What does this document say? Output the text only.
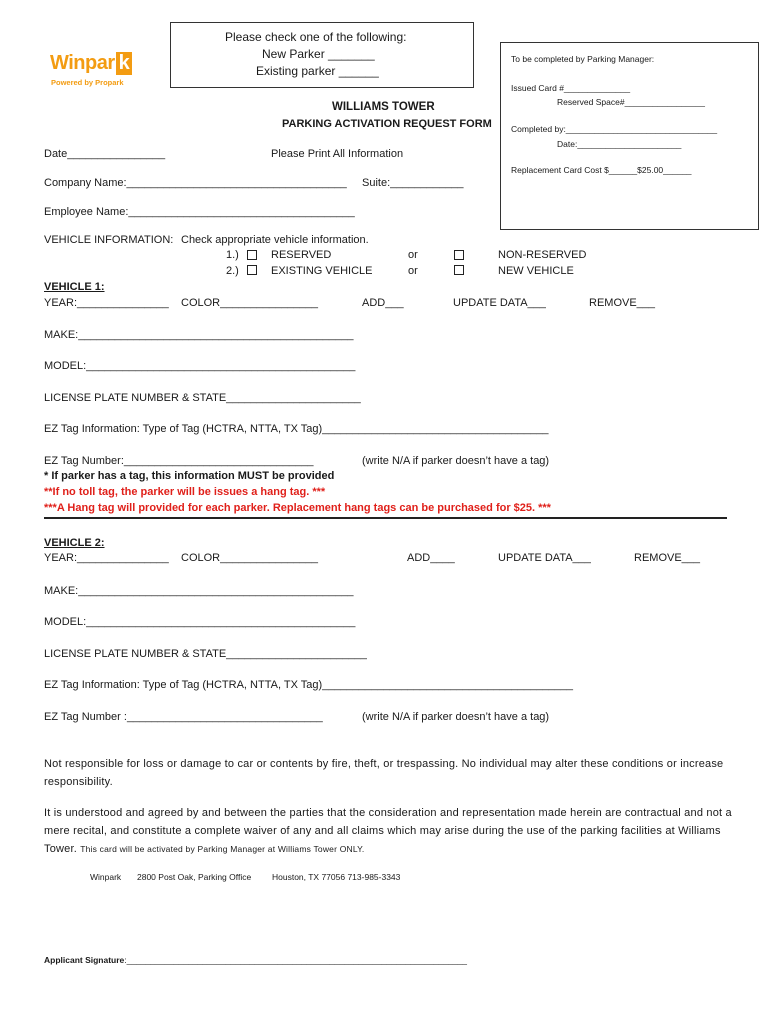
Winpar k
Powered by Propark
Please check one of the following:
New Parker _______
Existing parker ______
To be completed by Parking Manager:
Issued Card #______________
Reserved Space#_________________
Completed by:________________________________
Date:______________________
Replacement Card Cost $______$25.00______
WILLIAMS TOWER
PARKING ACTIVATION REQUEST FORM
Please Print All Information
Date________________
Company Name:____________________________________ Suite:____________
Employee Name:_____________________________________
VEHICLE INFORMATION: Check appropriate vehicle information.
1.)	RESERVED	or	NON-RESERVED
2.)	EXISTING VEHICLE	or	NEW VEHICLE
VEHICLE 1:
YEAR:_______________ COLOR________________	ADD___	UPDATE DATA___	REMOVE___
MAKE:_____________________________________________
MODEL:____________________________________________
LICENSE PLATE NUMBER & STATE______________________
EZ Tag Information: Type of Tag (HCTRA, NTTA, TX Tag)_____________________________________
EZ Tag Number:_______________________________	(write N/A if parker doesn’t have a tag)
* If parker has a tag, this information MUST be provided
**If no toll tag, the parker will be issues a hang tag. ***
***A Hang tag will provided for each parker. Replacement hang tags can be purchased for $25. ***
VEHICLE 2:
YEAR:_______________ COLOR________________	ADD____	UPDATE DATA___	REMOVE___
MAKE:_____________________________________________
MODEL:____________________________________________
LICENSE PLATE NUMBER & STATE_______________________
EZ Tag Information: Type of Tag (HCTRA, NTTA, TX Tag)_________________________________________
EZ Tag Number :________________________________	(write N/A if parker doesn’t have a tag)
Not responsible for loss or damage to car or contents by fire, theft, or trespassing. No individual may alter these conditions or increase responsibility.
It is understood and agreed by and between the parties that the consideration and representation made herein are contractual and not a mere recital, and constitute a complete waiver of any and all claims which may arise during the use of the parking facilities at Williams Tower. This card will be activated by Parking Manager at Williams Tower ONLY.
Winpark 2800 Post Oak, Parking Office Houston, TX 77056 713-985-3343
Applicant Signature:________________________________________________________________________
